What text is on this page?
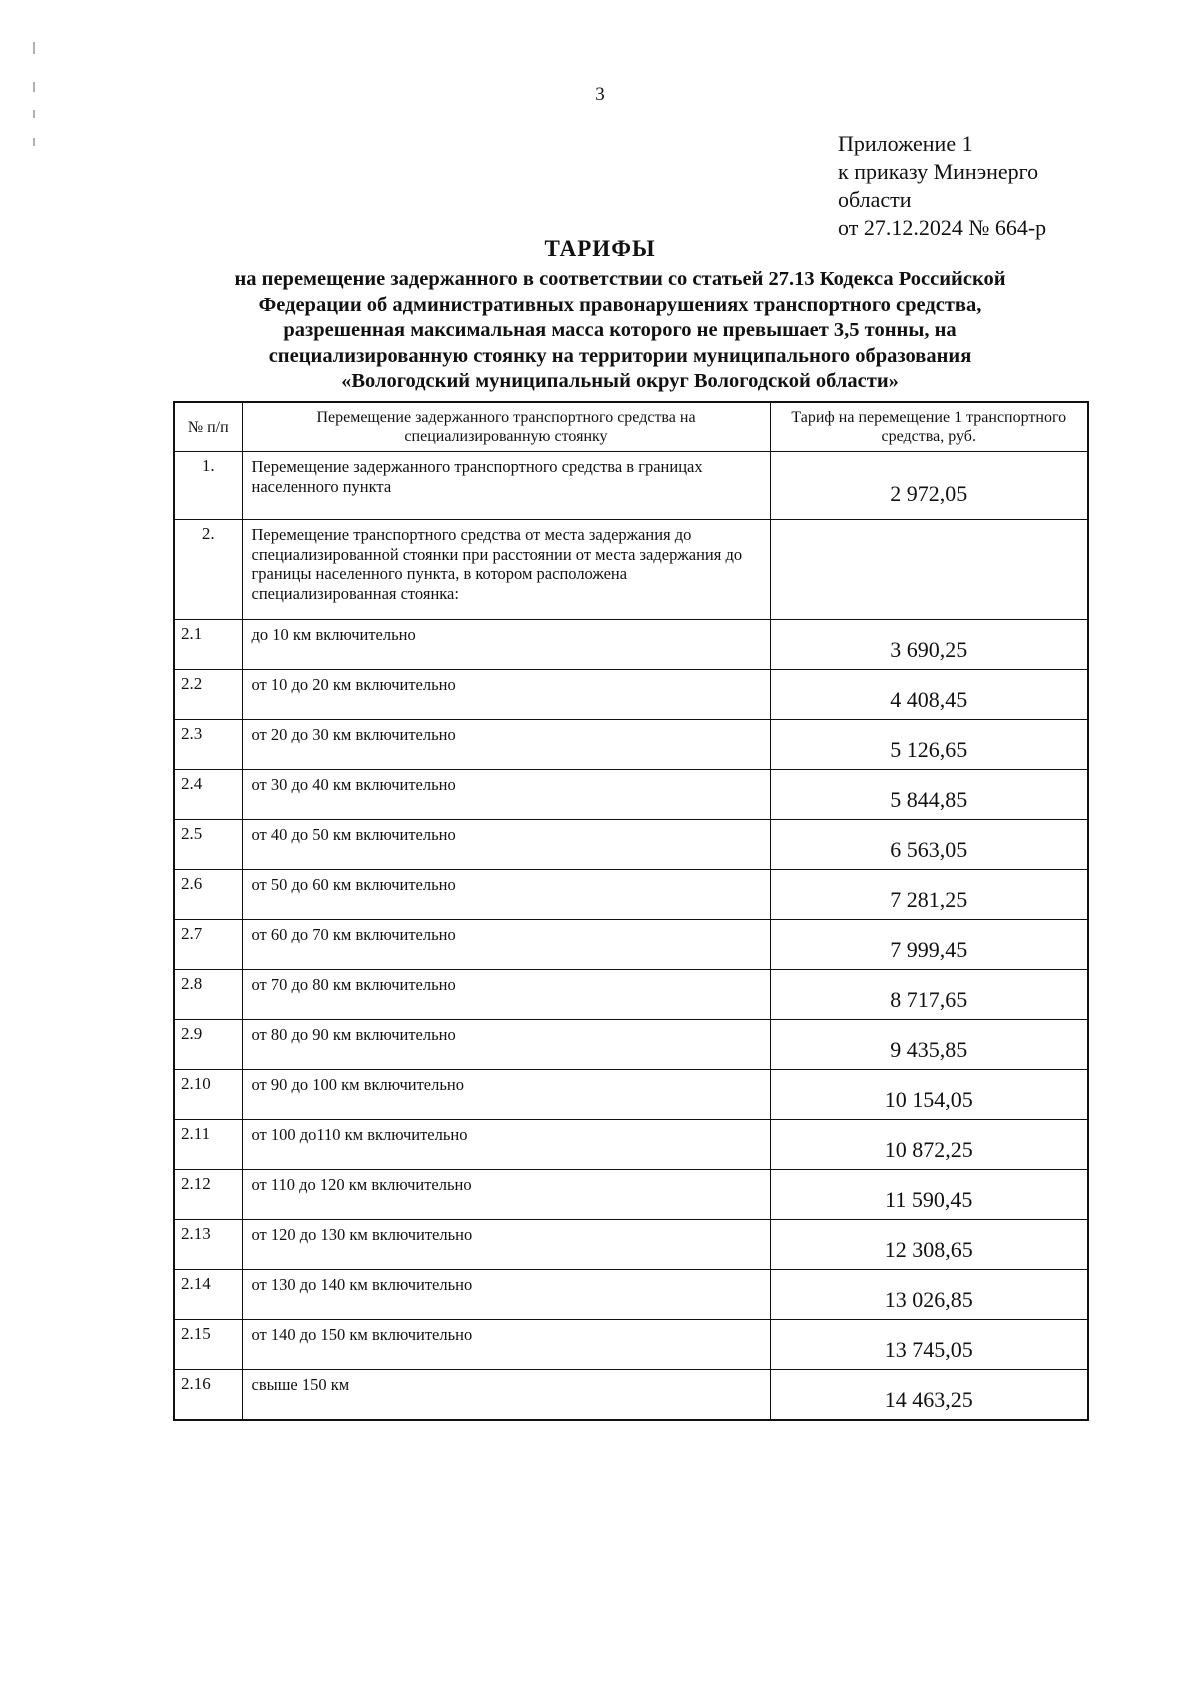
3
Приложение 1
к приказу Минэнерго
области
от 27.12.2024 № 664-р
ТАРИФЫ
на перемещение задержанного в соответствии со статьей 27.13 Кодекса Российской
Федерации об административных правонарушениях транспортного средства,
разрешенная максимальная масса которого не превышает 3,5 тонны, на
специализированную стоянку на территории муниципального образования
«Вологодский муниципальный округ Вологодской области»
№ п/п	Перемещение задержанного транспортного средства на специализированную стоянку	Тариф на перемещение 1 транспортного средства, руб.
1.	Перемещение задержанного транспортного средства в границах населенного пункта	2 972,05
2.	Перемещение транспортного средства от места задержания до специализированной стоянки при расстоянии от места задержания до границы населенного пункта, в котором расположена специализированная стоянка:	
2.1	до 10 км включительно	3 690,25
2.2	от 10 до 20 км включительно	4 408,45
2.3	от 20 до 30 км включительно	5 126,65
2.4	от 30 до 40 км включительно	5 844,85
2.5	от 40 до 50 км включительно	6 563,05
2.6	от 50 до 60 км включительно	7 281,25
2.7	от 60 до 70 км включительно	7 999,45
2.8	от 70 до 80 км включительно	8 717,65
2.9	от 80 до 90 км включительно	9 435,85
2.10	от 90 до 100 км включительно	10 154,05
2.11	от 100 до110 км включительно	10 872,25
2.12	от 110 до 120 км включительно	11 590,45
2.13	от 120 до 130 км включительно	12 308,65
2.14	от 130 до 140 км включительно	13 026,85
2.15	от 140 до 150 км включительно	13 745,05
2.16	свыше 150 км	14 463,25
